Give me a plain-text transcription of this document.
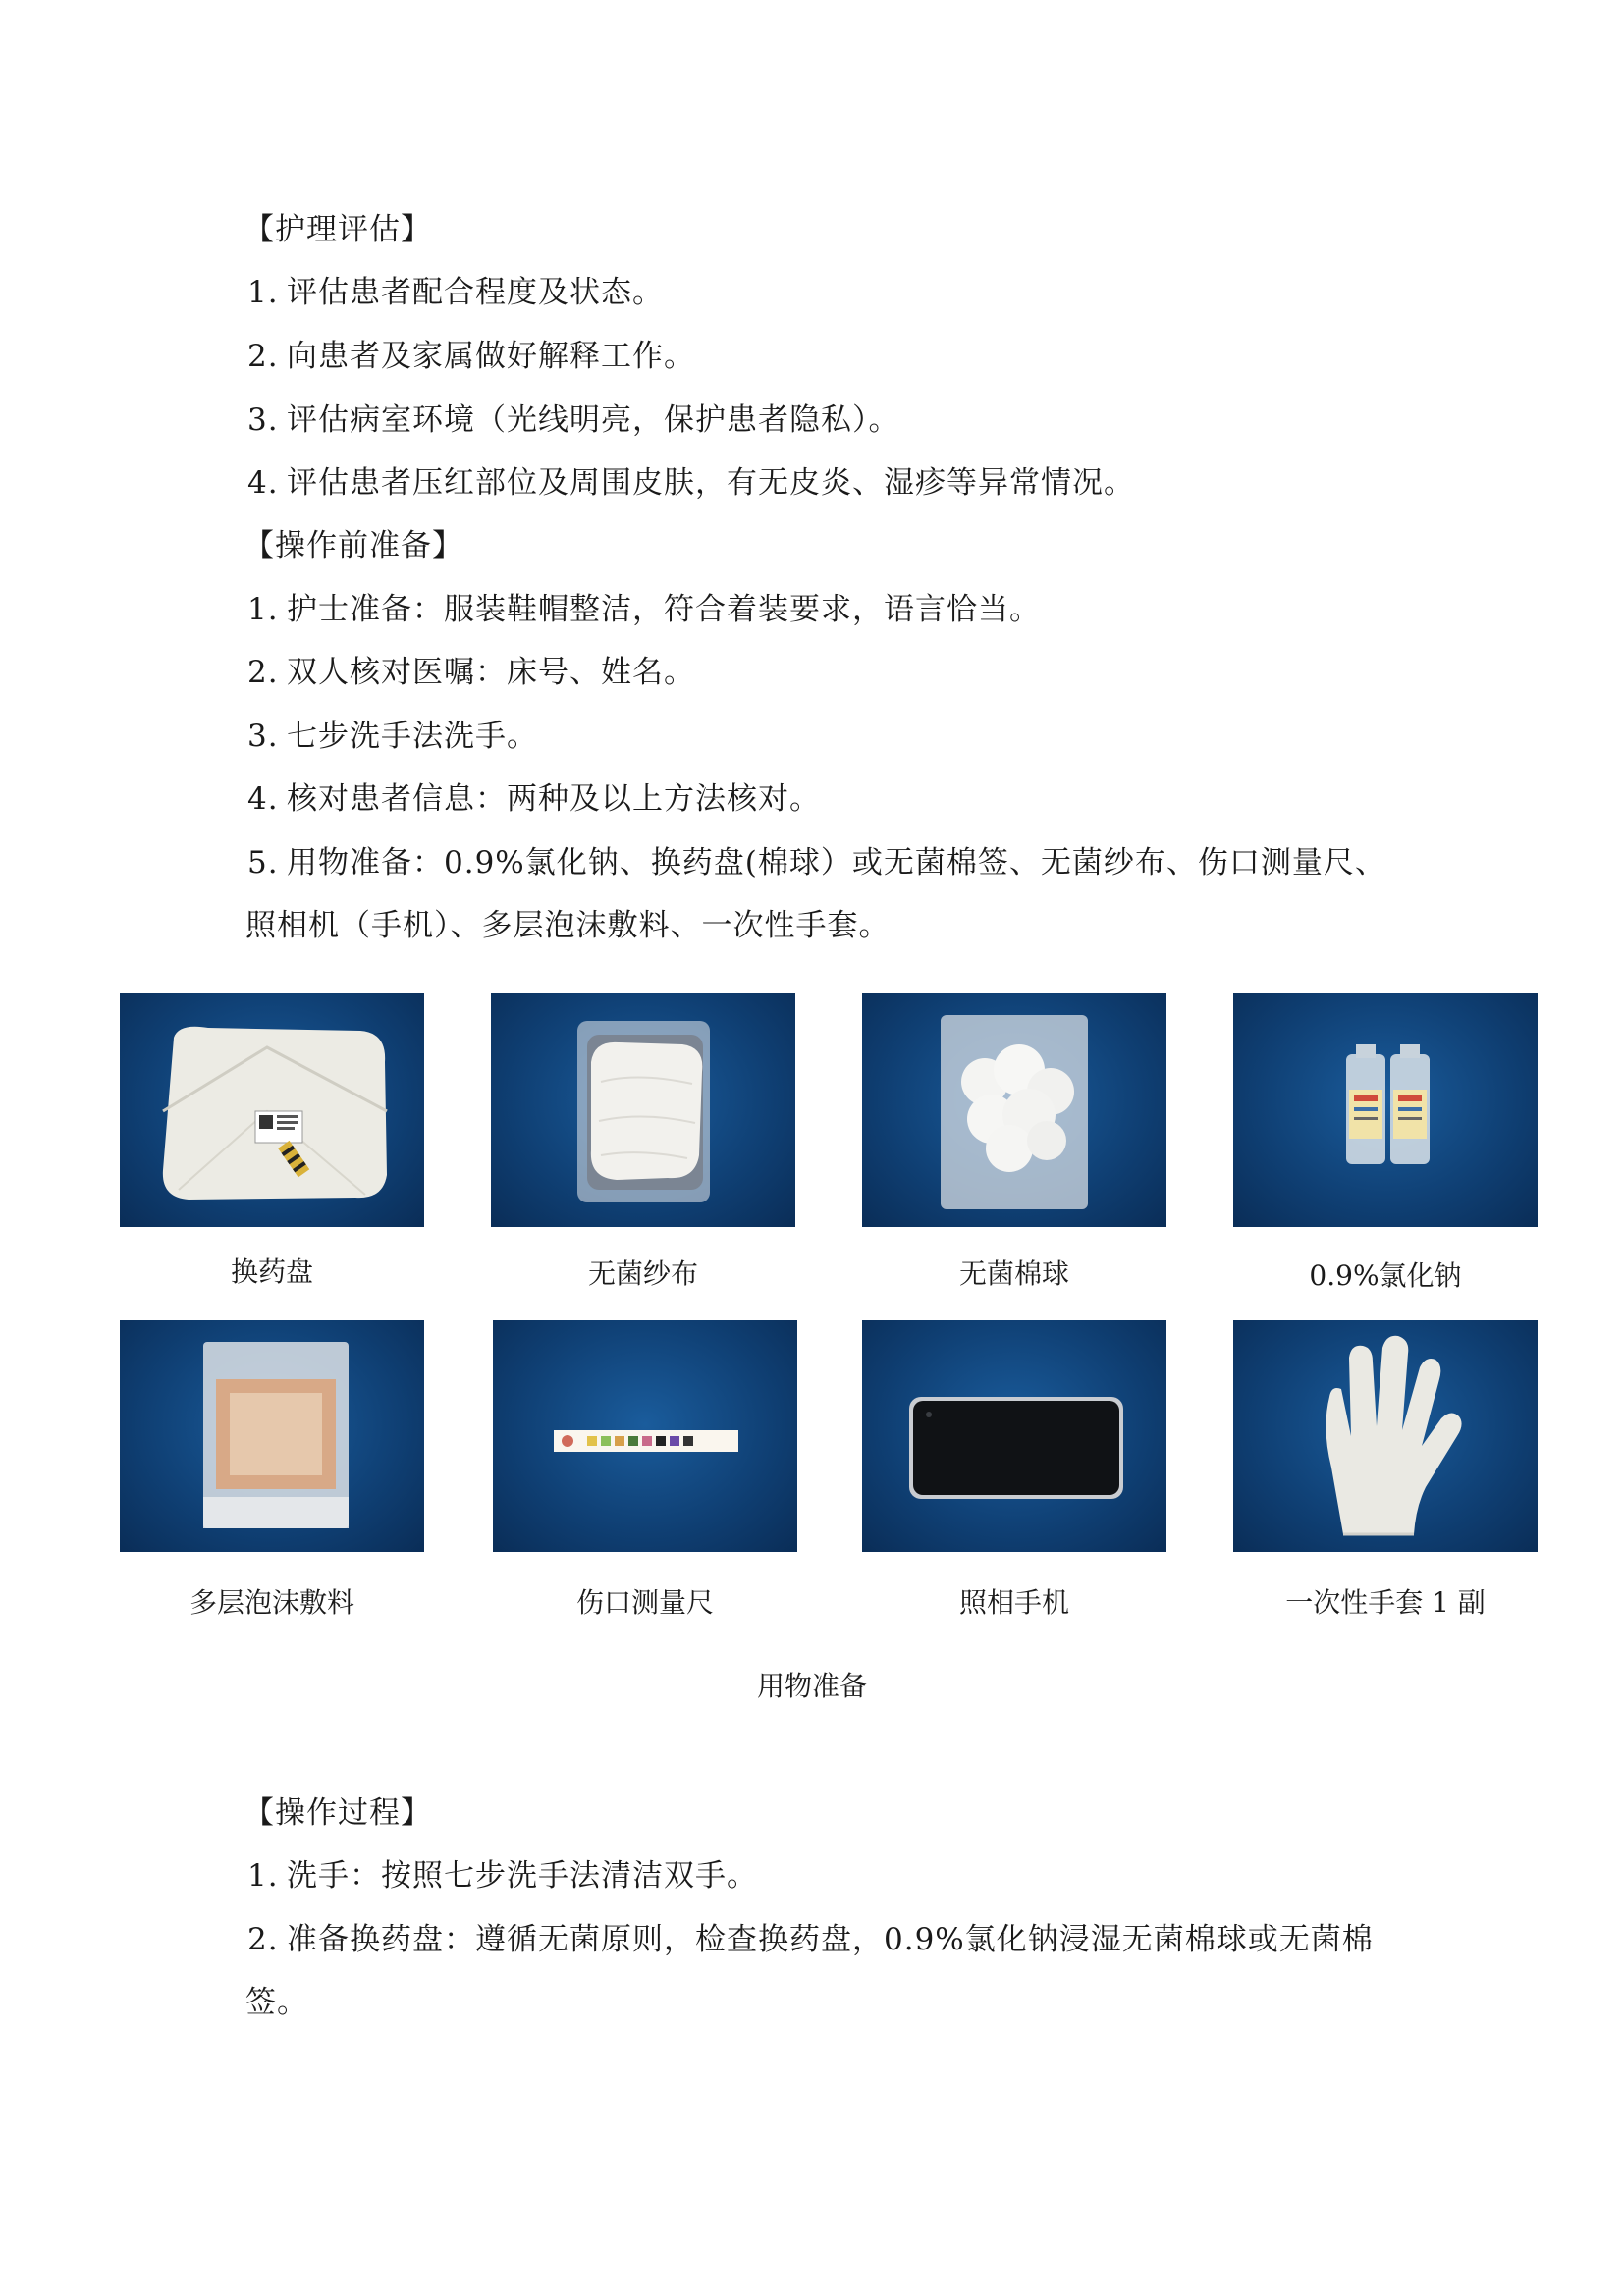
【护理评估】
1. 评估患者配合程度及状态。
2. 向患者及家属做好解释工作。
3. 评估病室环境（光线明亮，保护患者隐私）。
4. 评估患者压红部位及周围皮肤，有无皮炎、湿疹等异常情况。
【操作前准备】
1. 护士准备：服装鞋帽整洁，符合着装要求，语言恰当。
2. 双人核对医嘱：床号、姓名。
3. 七步洗手法洗手。
4. 核对患者信息：两种及以上方法核对。
5. 用物准备：0.9%氯化钠、换药盘(棉球）或无菌棉签、无菌纱布、伤口测量尺、
照相机（手机）、多层泡沫敷料、一次性手套。
换药盘	无菌纱布	无菌棉球	0.9%氯化钠
多层泡沫敷料	伤口测量尺	照相手机	一次性手套 1 副
用物准备
【操作过程】
1. 洗手：按照七步洗手法清洁双手。
2. 准备换药盘：遵循无菌原则，检查换药盘，0.9%氯化钠浸湿无菌棉球或无菌棉
签。
